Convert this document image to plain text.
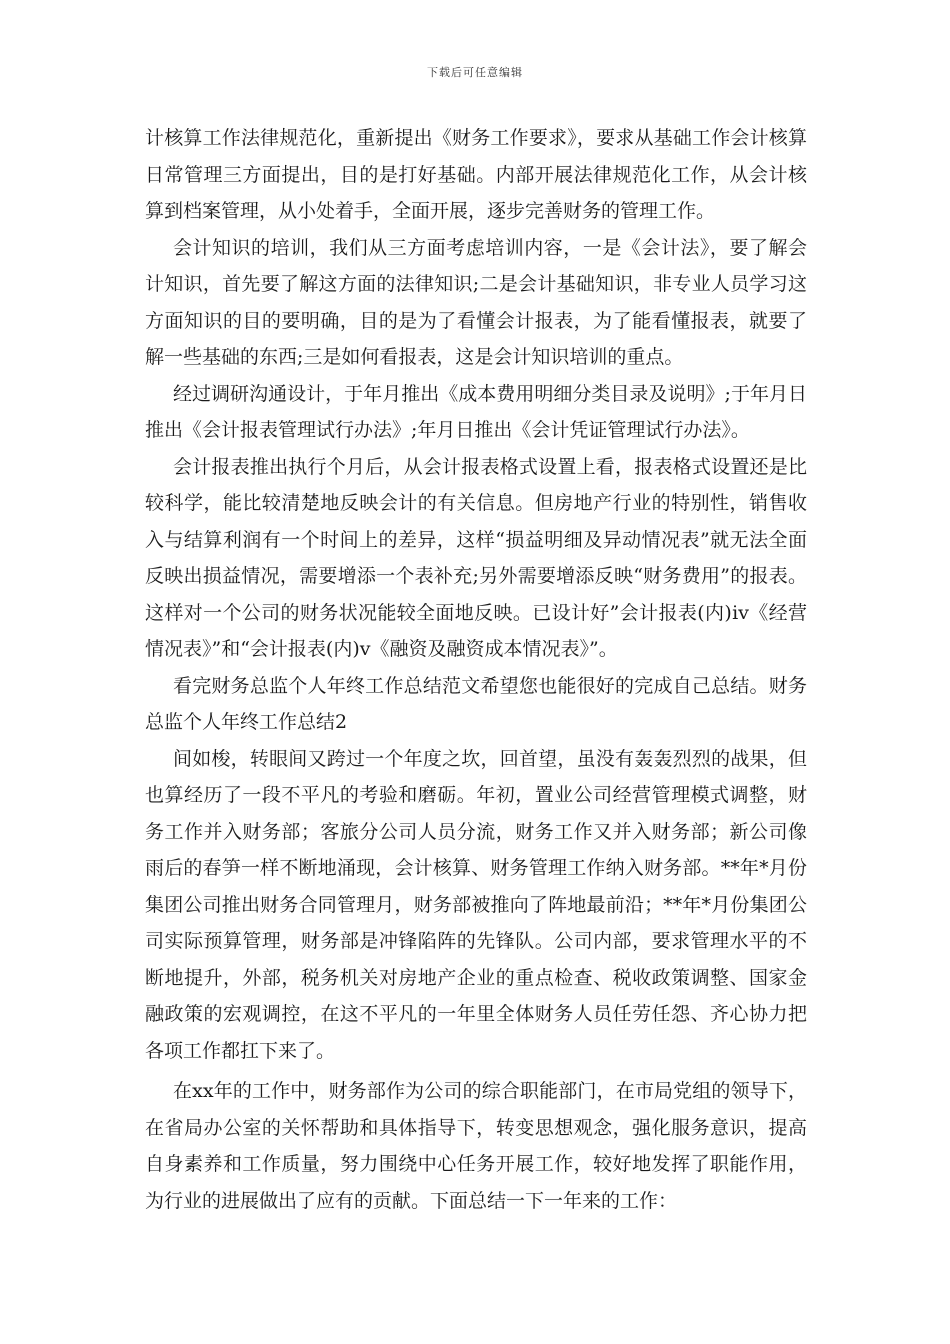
下载后可任意编辑

计核算工作法律规范化，重新提出《财务工作要求》，要求从基础工作会计核算日常管理三方面提出，目的是打好基础。内部开展法律规范化工作，从会计核算到档案管理，从小处着手，全面开展，逐步完善财务的管理工作。

会计知识的培训，我们从三方面考虑培训内容，一是《会计法》，要了解会计知识，首先要了解这方面的法律知识;二是会计基础知识，非专业人员学习这方面知识的目的要明确，目的是为了看懂会计报表，为了能看懂报表，就要了解一些基础的东西;三是如何看报表，这是会计知识培训的重点。

经过调研沟通设计，于年月推出《成本费用明细分类目录及说明》;于年月日推出《会计报表管理试行办法》;年月日推出《会计凭证管理试行办法》。

会计报表推出执行个月后，从会计报表格式设置上看，报表格式设置还是比较科学，能比较清楚地反映会计的有关信息。但房地产行业的特别性，销售收入与结算利润有一个时间上的差异，这样“损益明细及异动情况表”就无法全面反映出损益情况，需要增添一个表补充;另外需要增添反映“财务费用”的报表。这样对一个公司的财务状况能较全面地反映。已设计好”会计报表(内)ⅳ《经营情况表》”和“会计报表(内)ⅴ《融资及融资成本情况表》”。

看完财务总监个人年终工作总结范文希望您也能很好的完成自己总结。财务总监个人年终工作总结2

间如梭，转眼间又跨过一个年度之坎，回首望，虽没有轰轰烈烈的战果，但也算经历了一段不平凡的考验和磨砺。年初，置业公司经营管理模式调整，财务工作并入财务部；客旅分公司人员分流，财务工作又并入财务部；新公司像雨后的春笋一样不断地涌现，会计核算、财务管理工作纳入财务部。**年*月份集团公司推出财务合同管理月，财务部被推向了阵地最前沿；**年*月份集团公司实际预算管理，财务部是冲锋陷阵的先锋队。公司内部，要求管理水平的不断地提升，外部，税务机关对房地产企业的重点检查、税收政策调整、国家金融政策的宏观调控，在这不平凡的一年里全体财务人员任劳任怨、齐心协力把各项工作都扛下来了。

在xx年的工作中，财务部作为公司的综合职能部门，在市局党组的领导下，在省局办公室的关怀帮助和具体指导下，转变思想观念，强化服务意识，提高自身素养和工作质量，努力围绕中心任务开展工作，较好地发挥了职能作用，为行业的进展做出了应有的贡献。下面总结一下一年来的工作：
